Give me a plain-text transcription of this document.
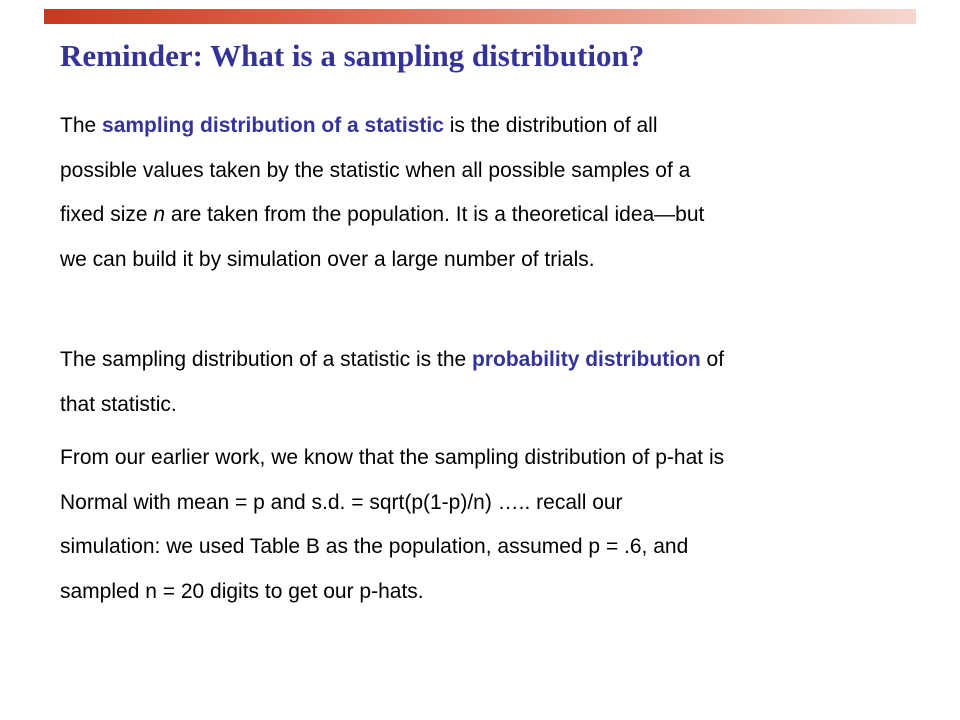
Reminder: What is a sampling distribution?

The sampling distribution of a statistic is the distribution of all
possible values taken by the statistic when all possible samples of a
fixed size n are taken from the population. It is a theoretical idea—but
we can build it by simulation over a large number of trials.

The sampling distribution of a statistic is the probability distribution of
that statistic.

From our earlier work, we know that the sampling distribution of p-hat is
Normal with mean = p and s.d. = sqrt(p(1-p)/n) ….. recall our
simulation: we used Table B as the population, assumed p = .6, and
sampled n = 20 digits to get our p-hats.
